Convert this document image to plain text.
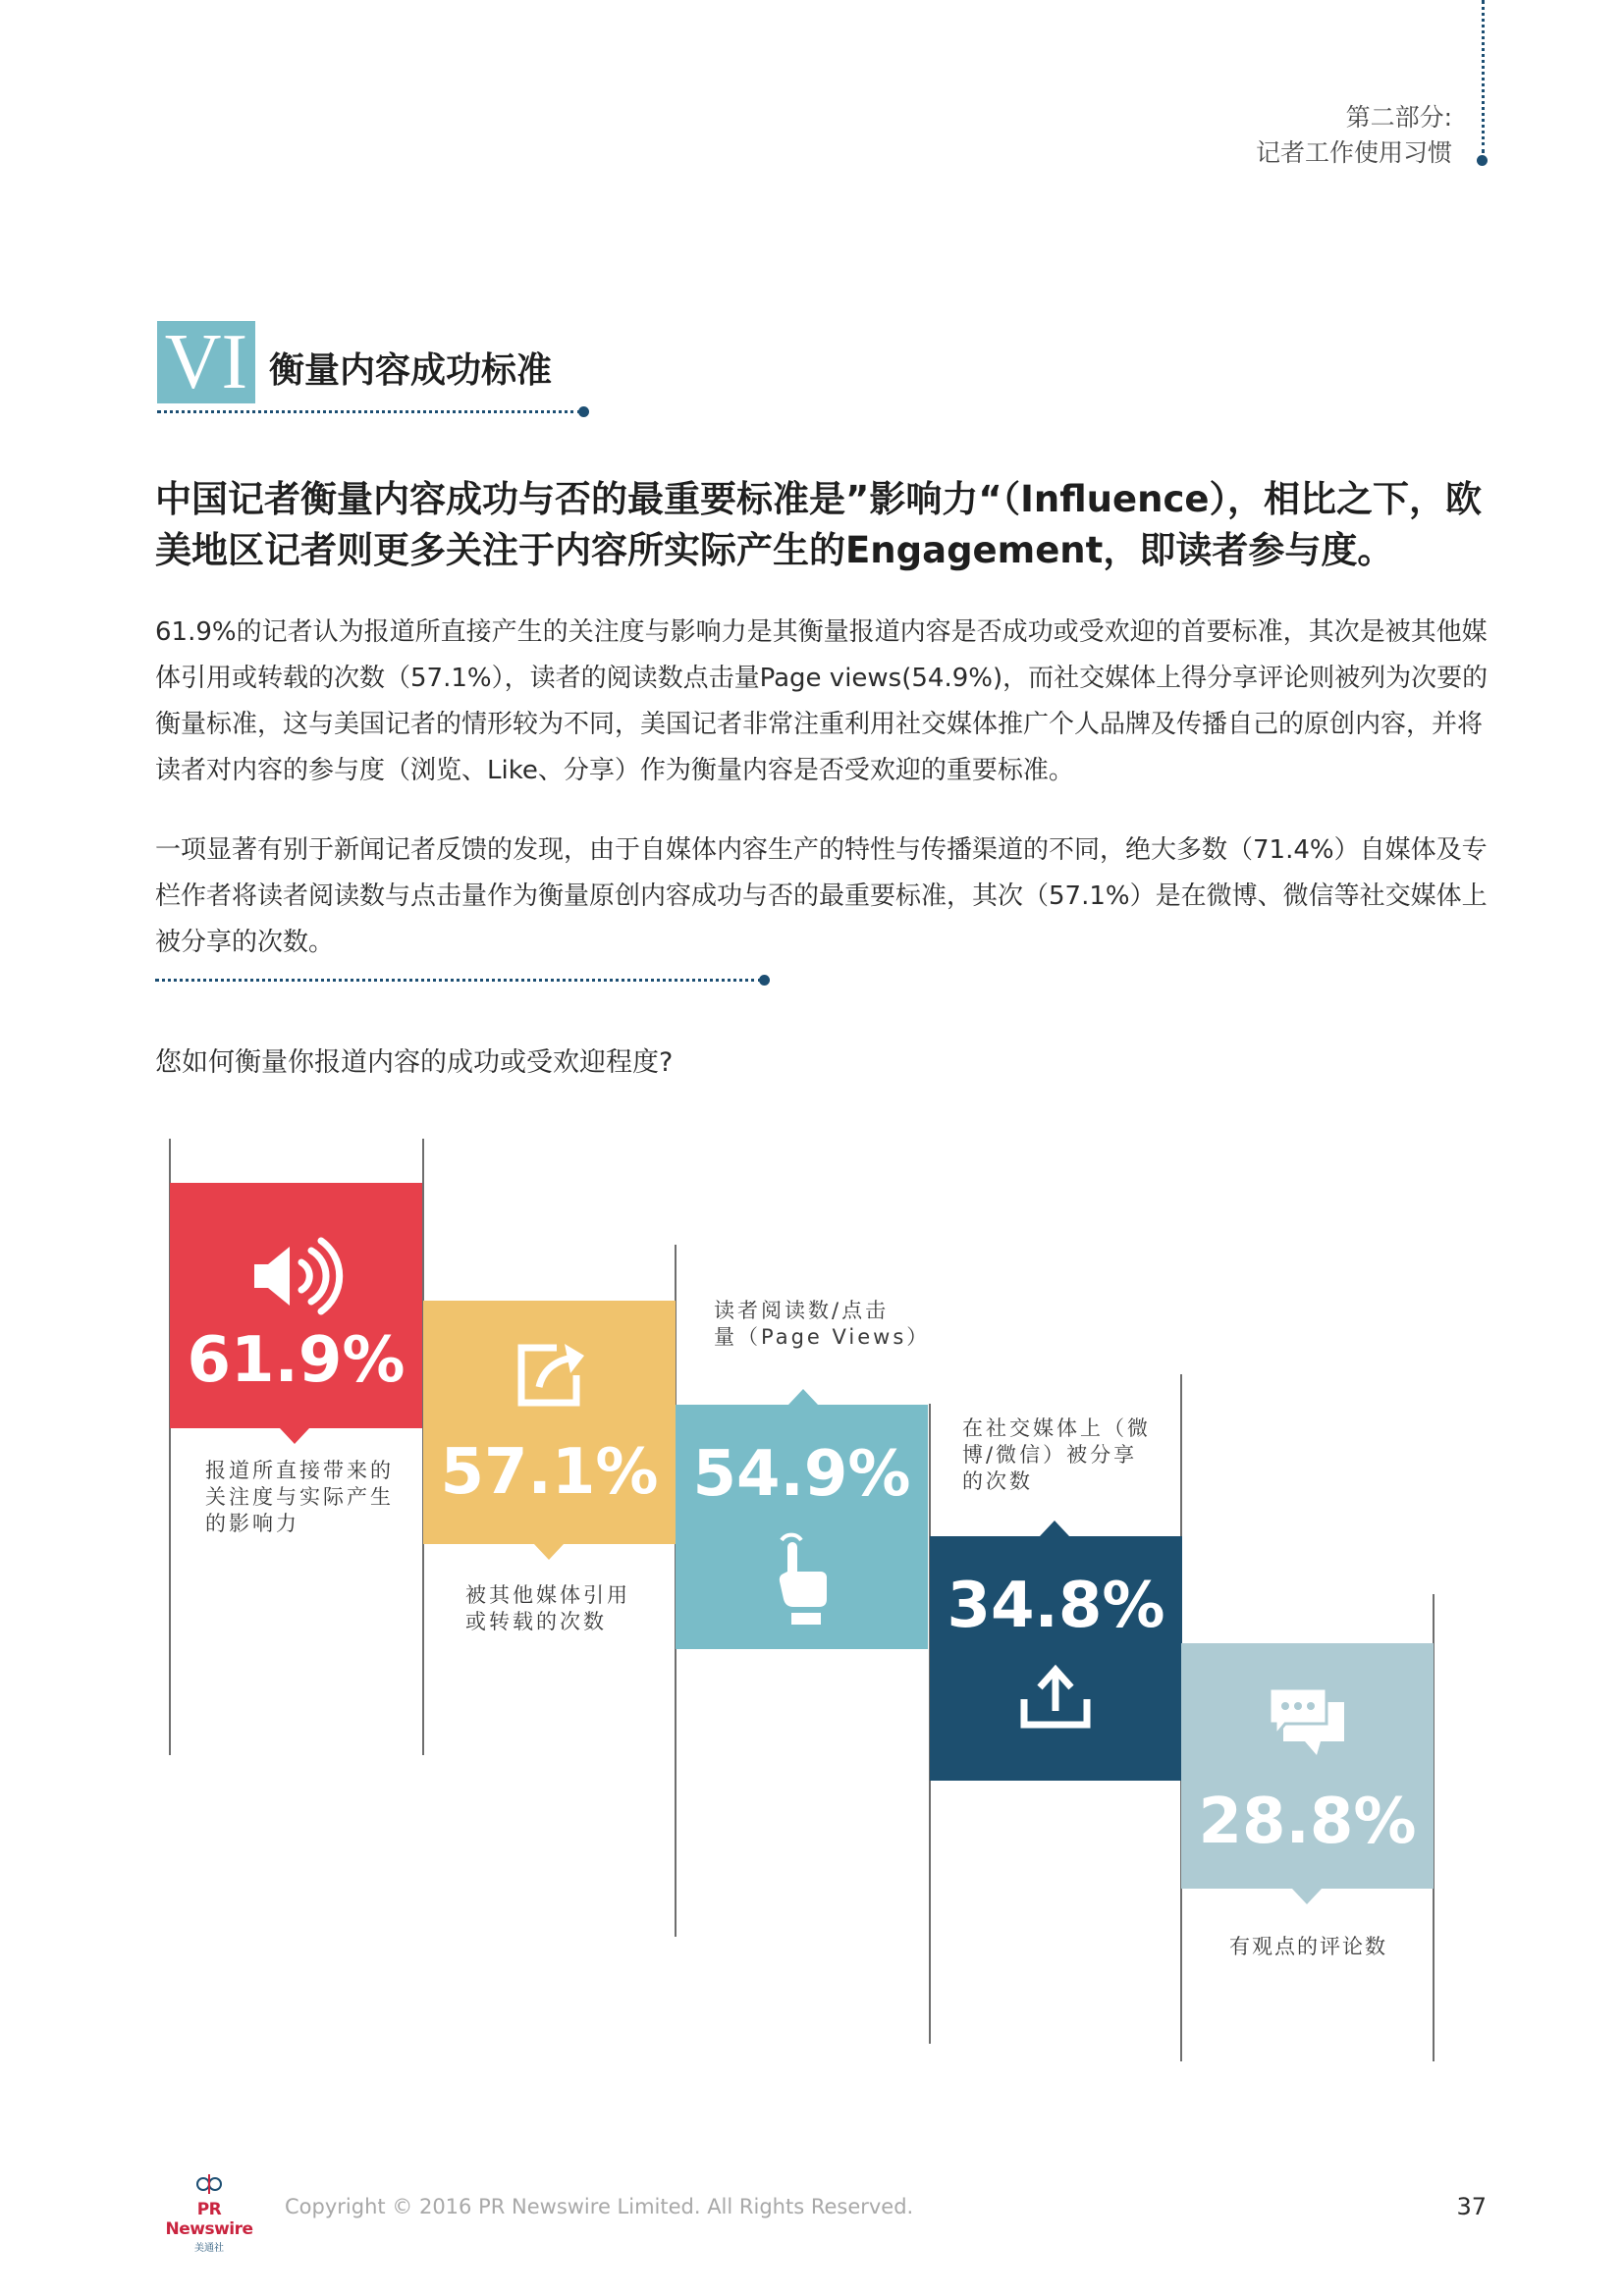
第二部分:
记者工作使用习惯
VI 衡量内容成功标准
中国记者衡量内容成功与否的最重要标准是”影响力“（Influence），相比之下，欧美地区记者则更多关注于内容所实际产生的Engagement，即读者参与度。
61.9%的记者认为报道所直接产生的关注度与影响力是其衡量报道内容是否成功或受欢迎的首要标准，其次是被其他媒体引用或转载的次数（57.1%），读者的阅读数点击量Page views(54.9%)，而社交媒体上得分享评论则被列为次要的衡量标准，这与美国记者的情形较为不同，美国记者非常注重利用社交媒体推广个人品牌及传播自己的原创内容，并将读者对内容的参与度（浏览、Like、分享）作为衡量内容是否受欢迎的重要标准。
一项显著有别于新闻记者反馈的发现，由于自媒体内容生产的特性与传播渠道的不同，绝大多数（71.4%）自媒体及专栏作者将读者阅读数与点击量作为衡量原创内容成功与否的最重要标准，其次（57.1%）是在微博、微信等社交媒体上被分享的次数。
您如何衡量你报道内容的成功或受欢迎程度?
61.9%
报道所直接带来的
关注度与实际产生
的影响力
57.1%
被其他媒体引用
或转载的次数
读者阅读数/点击
量（Page Views）
54.9%
在社交媒体上（微
博/微信）被分享
的次数
34.8%
28.8%
有观点的评论数
PR Newswire
美通社
Copyright © 2016 PR Newswire Limited. All Rights Reserved.	37
